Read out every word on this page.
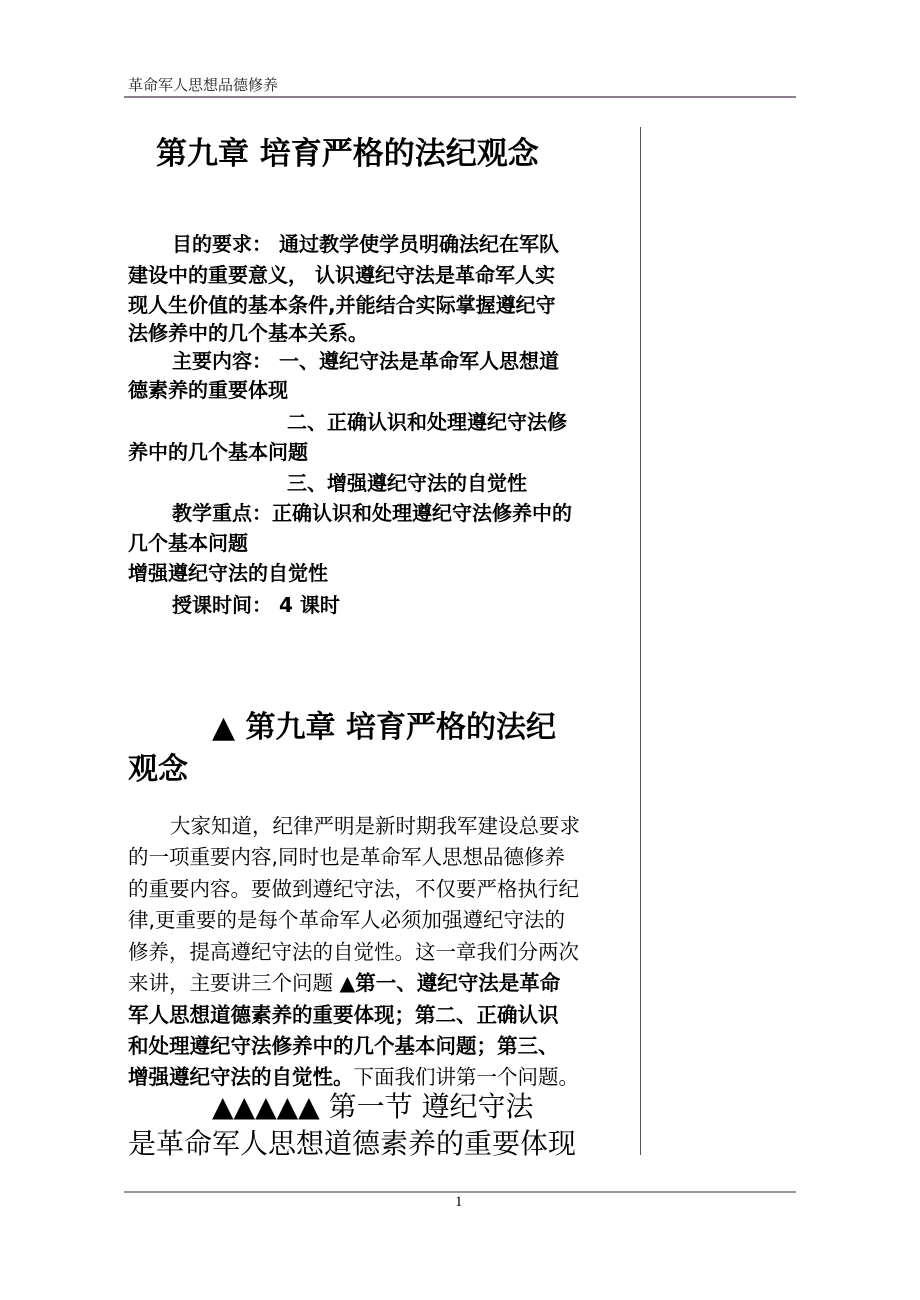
革命军人思想品德修养
第九章 培育严格的法纪观念
目的要求： 通过教学使学员明确法纪在军队
建设中的重要意义， 认识遵纪守法是革命军人实
现人生价值的基本条件,并能结合实际掌握遵纪守
法修养中的几个基本关系。
主要内容： 一、遵纪守法是革命军人思想道
德素养的重要体现
二、正确认识和处理遵纪守法修
养中的几个基本问题
三、增强遵纪守法的自觉性
教学重点：正确认识和处理遵纪守法修养中的
几个基本问题
增强遵纪守法的自觉性
授课时间： 4 课时
▲ 第九章 培育严格的法纪
观念
大家知道，纪律严明是新时期我军建设总要求
的一项重要内容,同时也是革命军人思想品德修养
的重要内容。要做到遵纪守法，不仅要严格执行纪
律,更重要的是每个革命军人必须加强遵纪守法的
修养，提高遵纪守法的自觉性。这一章我们分两次
来讲，主要讲三个问题 ▲第一、遵纪守法是革命
军人思想道德素养的重要体现；第二、正确认识
和处理遵纪守法修养中的几个基本问题；第三、
增强遵纪守法的自觉性。下面我们讲第一个问题。
▲▲▲▲▲ 第一节 遵纪守法
是革命军人思想道德素养的重要体现
1
